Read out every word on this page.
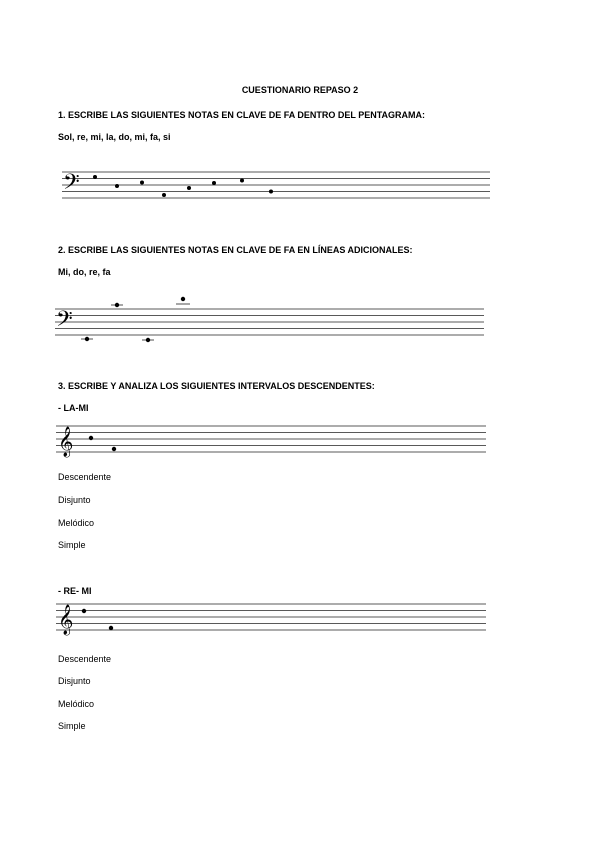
CUESTIONARIO REPASO 2
1. ESCRIBE LAS SIGUIENTES NOTAS EN CLAVE DE FA DENTRO DEL PENTAGRAMA:
Sol, re, mi, la, do, mi, fa, si
𝄢
2. ESCRIBE LAS SIGUIENTES NOTAS EN CLAVE DE FA EN LÍNEAS ADICIONALES:
Mi, do, re, fa
𝄢
3. ESCRIBE Y ANALIZA LOS SIGUIENTES INTERVALOS DESCENDENTES:
- LA-MI
𝄞
Descendente
Disjunto
Melódico
Simple
- RE- MI
𝄞
Descendente
Disjunto
Melódico
Simple
